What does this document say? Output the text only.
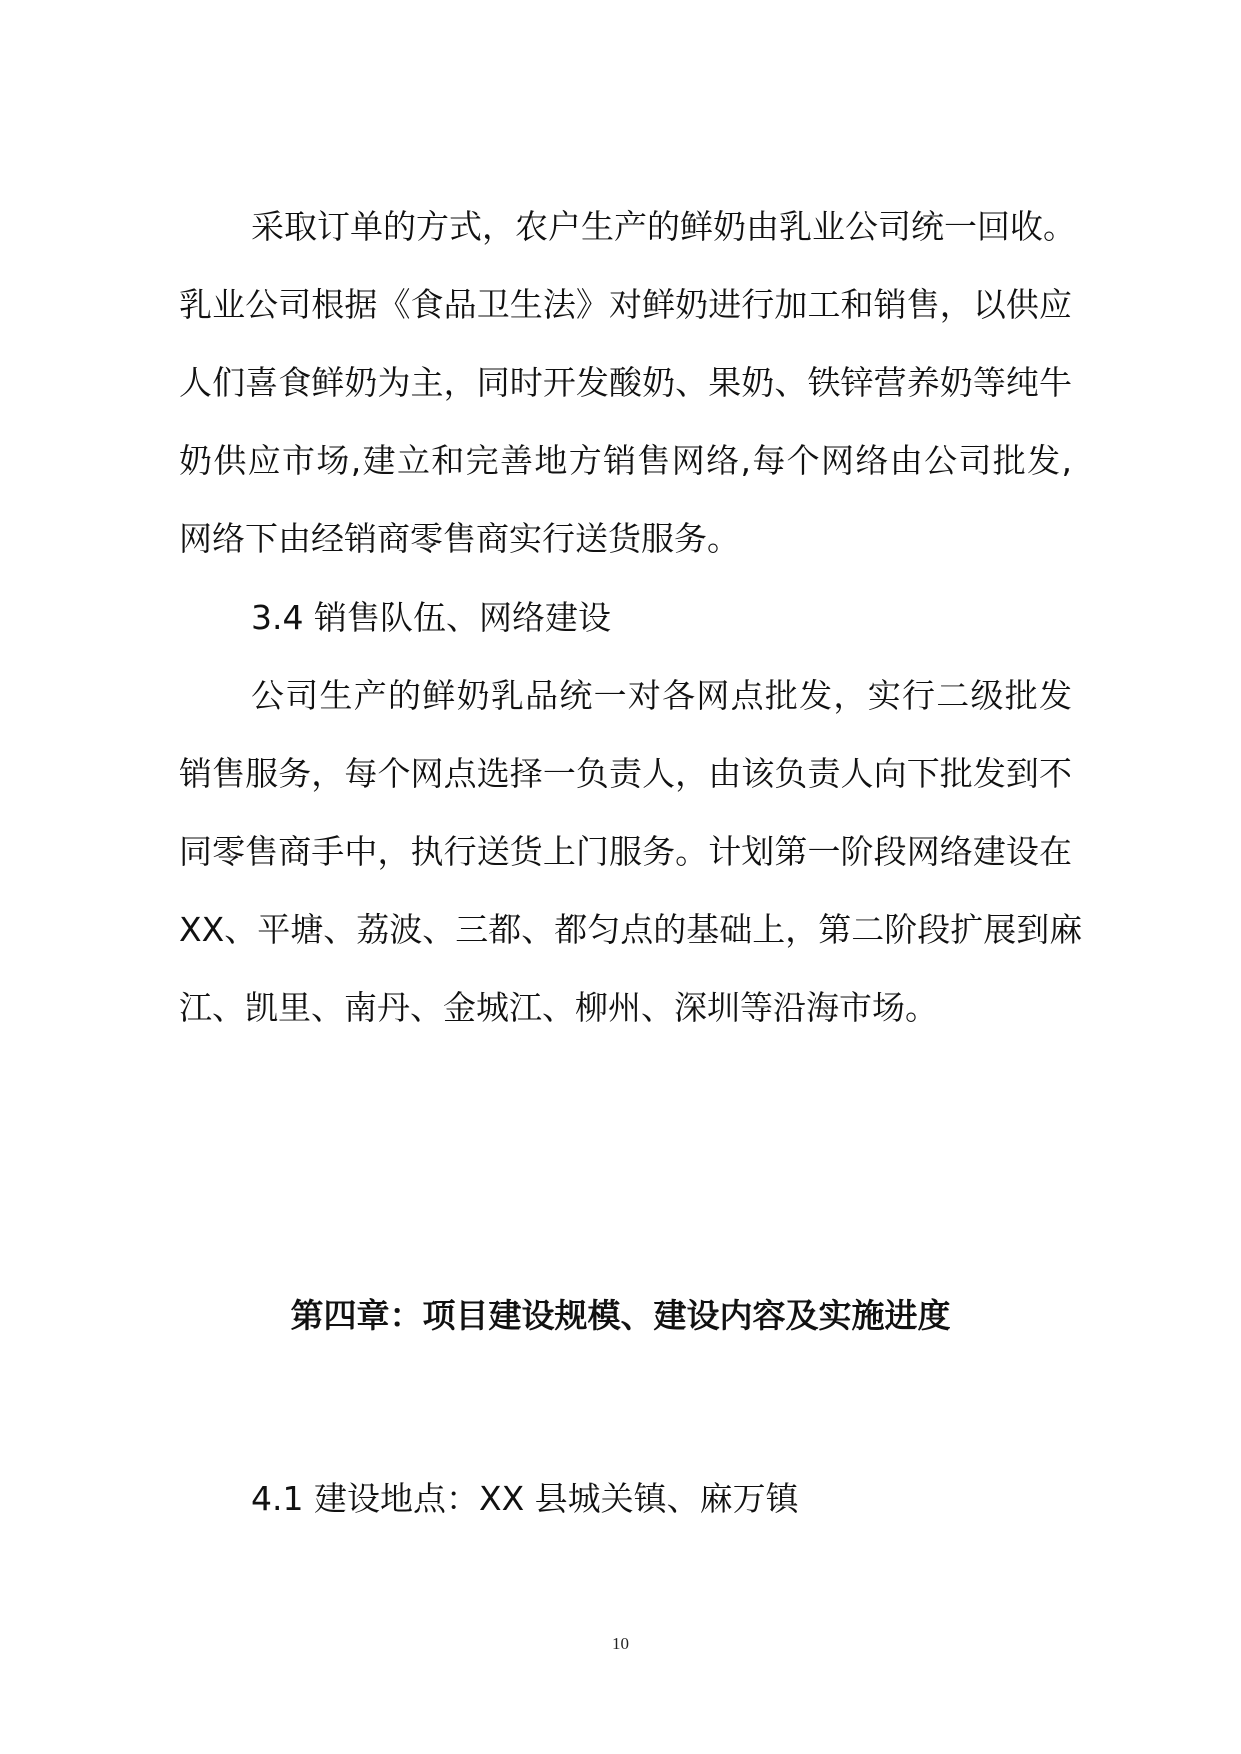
采取订单的方式，农户生产的鲜奶由乳业公司统一回收。
乳业公司根据《食品卫生法》对鲜奶进行加工和销售，以供应
人们喜食鲜奶为主，同时开发酸奶、果奶、铁锌营养奶等纯牛
奶供应市场,建立和完善地方销售网络,每个网络由公司批发,
网络下由经销商零售商实行送货服务。
3.4 销售队伍、网络建设
公司生产的鲜奶乳品统一对各网点批发，实行二级批发
销售服务，每个网点选择一负责人，由该负责人向下批发到不
同零售商手中，执行送货上门服务。计划第一阶段网络建设在
XX、平塘、荔波、三都、都匀点的基础上，第二阶段扩展到麻
江、凯里、南丹、金城江、柳州、深圳等沿海市场。
第四章：项目建设规模、建设内容及实施进度
4.1 建设地点：XX 县城关镇、麻万镇
10
